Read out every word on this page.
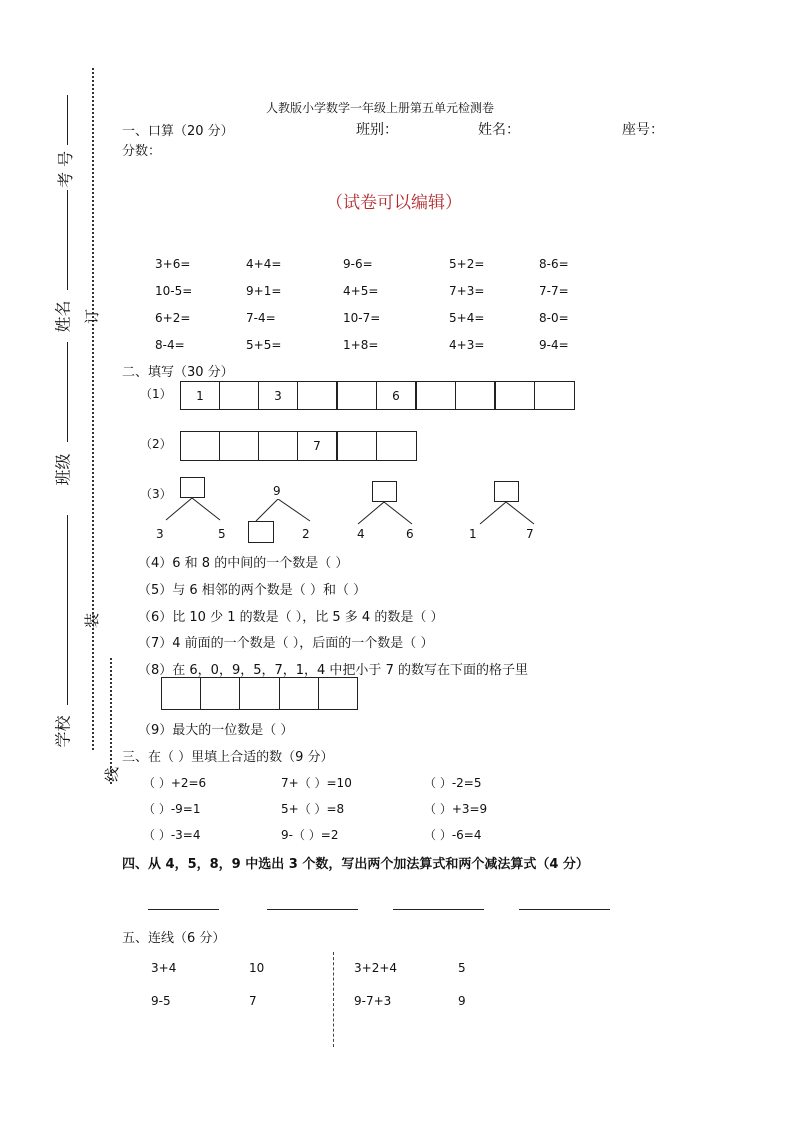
考 号
姓名
班级
学校
订
装
线
人教版小学数学一年级上册第五单元检测卷
一、口算（20 分）	班别：	姓名：	座号：
分数：
（试卷可以编辑）
3+6=	4+4=	9-6=	5+2=	8-6=
10-5=	9+1=	4+5=	7+3=	7-7=
6+2=	7-4=	10-7=	5+4=	8-0=
8-4=	5+5=	1+8=	4+3=	9-4=
二、填写（30 分）
（1）	1	3	6
（2）	7
（3）
3	5
9
2	4	6	1	7
（4）6 和 8 的中间的一个数是（ ）
（5）与 6 相邻的两个数是（ ）和（ ）
（6）比 10 少 1 的数是（ ），比 5 多 4 的数是（ ）
（7）4 前面的一个数是（ ），后面的一个数是（ ）
（8）在 6，0，9，5，7，1，4 中把小于 7 的数写在下面的格子里
（9）最大的一位数是（ ）
三、在（ ）里填上合适的数（9 分）
（ ）+2=6	7+（ ）=10	（ ）-2=5
（ ）-9=1	5+（ ）=8	（ ）+3=9
（ ）-3=4	9-（ ）=2	（ ）-6=4
四、从 4，5，8，9 中选出 3 个数，写出两个加法算式和两个减法算式（4 分）
五、连线（6 分）
3+4	10
9-5	7
3+2+4	5
9-7+3	9
